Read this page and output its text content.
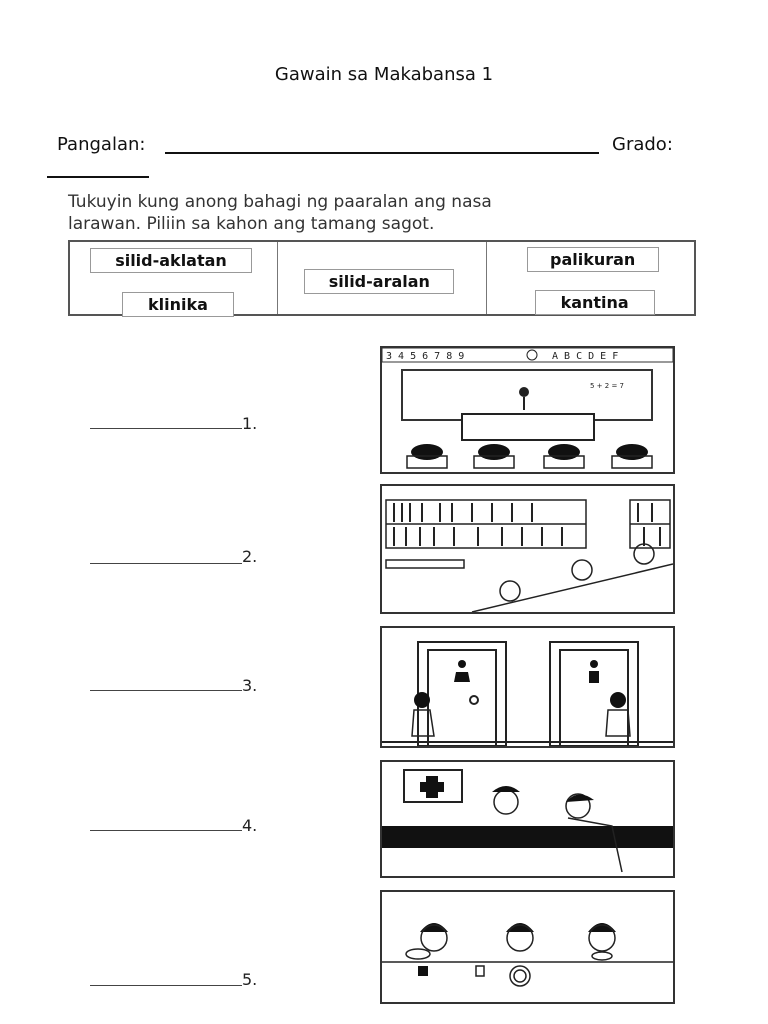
Gawain sa Makabansa 1
Pangalan:	Grado:
Tukuyin kung anong bahagi ng paaralan ang nasa
larawan. Piliin sa kahon ang tamang sagot.
silid-aklatan
klinika
silid-aralan
palikuran
kantina
1.
2.
3.
4.
5.
3 4 5 6 7 8 9	A B C D E F
5 + 2 = 7
